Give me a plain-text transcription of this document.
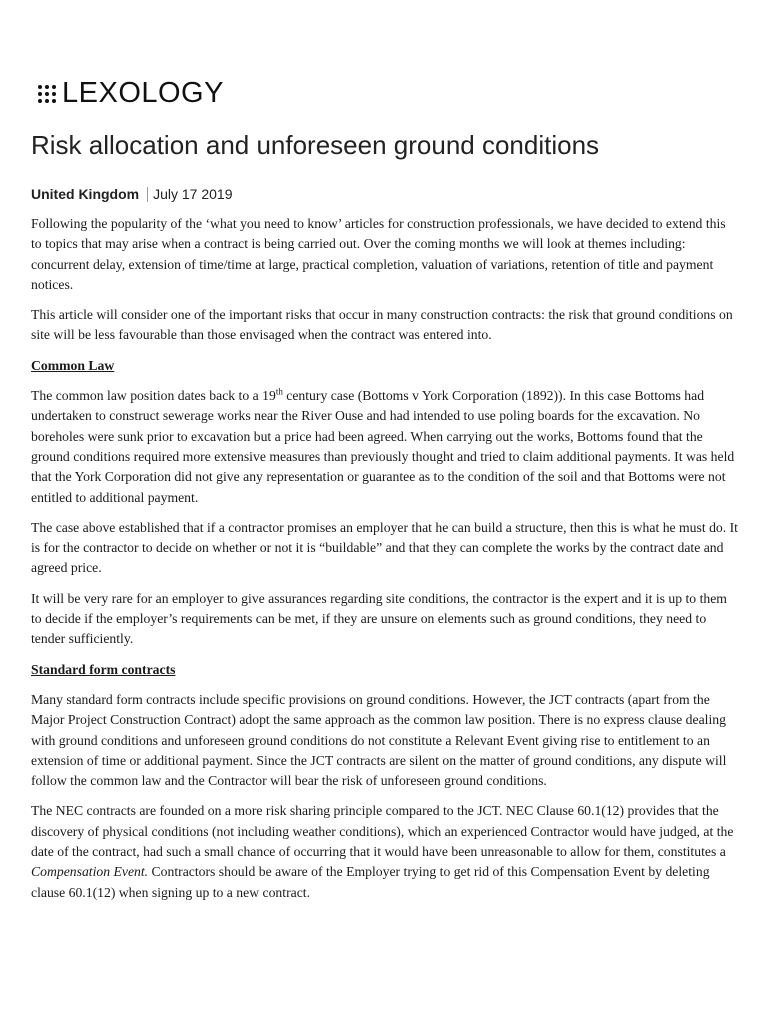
LEXOLOGY
Risk allocation and unforeseen ground conditions
United Kingdom July 17 2019

Following the popularity of the ‘what you need to know’ articles for construction professionals, we have decided to extend this to topics that may arise when a contract is being carried out. Over the coming months we will look at themes including: concurrent delay, extension of time/time at large, practical completion, valuation of variations, retention of title and payment notices.

This article will consider one of the important risks that occur in many construction contracts: the risk that ground conditions on site will be less favourable than those envisaged when the contract was entered into.

Common Law

The common law position dates back to a 19th century case (Bottoms v York Corporation (1892)). In this case Bottoms had undertaken to construct sewerage works near the River Ouse and had intended to use poling boards for the excavation. No boreholes were sunk prior to excavation but a price had been agreed. When carrying out the works, Bottoms found that the ground conditions required more extensive measures than previously thought and tried to claim additional payments. It was held that the York Corporation did not give any representation or guarantee as to the condition of the soil and that Bottoms were not entitled to additional payment.

The case above established that if a contractor promises an employer that he can build a structure, then this is what he must do. It is for the contractor to decide on whether or not it is “buildable” and that they can complete the works by the contract date and agreed price.

It will be very rare for an employer to give assurances regarding site conditions, the contractor is the expert and it is up to them to decide if the employer’s requirements can be met, if they are unsure on elements such as ground conditions, they need to tender sufficiently.

Standard form contracts

Many standard form contracts include specific provisions on ground conditions. However, the JCT contracts (apart from the Major Project Construction Contract) adopt the same approach as the common law position. There is no express clause dealing with ground conditions and unforeseen ground conditions do not constitute a Relevant Event giving rise to entitlement to an extension of time or additional payment. Since the JCT contracts are silent on the matter of ground conditions, any dispute will follow the common law and the Contractor will bear the risk of unforeseen ground conditions.

The NEC contracts are founded on a more risk sharing principle compared to the JCT. NEC Clause 60.1(12) provides that the discovery of physical conditions (not including weather conditions), which an experienced Contractor would have judged, at the date of the contract, had such a small chance of occurring that it would have been unreasonable to allow for them, constitutes a Compensation Event. Contractors should be aware of the Employer trying to get rid of this Compensation Event by deleting clause 60.1(12) when signing up to a new contract.
